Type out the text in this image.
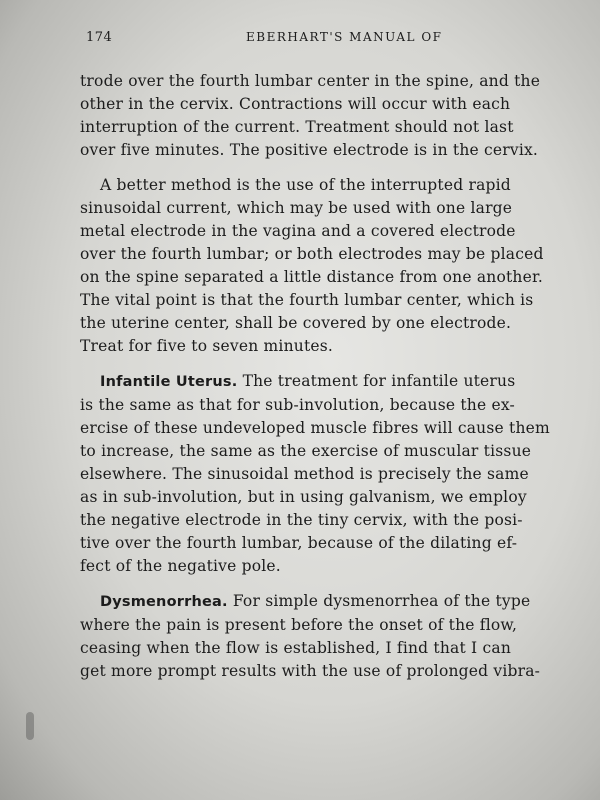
174	EBERHART'S MANUAL OF
trode over the fourth lumbar center in the spine, and the
other in the cervix. Contractions will occur with each
interruption of the current. Treatment should not last
over five minutes. The positive electrode is in the cervix.
A better method is the use of the interrupted rapid
sinusoidal current, which may be used with one large
metal electrode in the vagina and a covered electrode
over the fourth lumbar; or both electrodes may be placed
on the spine separated a little distance from one another.
The vital point is that the fourth lumbar center, which is
the uterine center, shall be covered by one electrode.
Treat for five to seven minutes.
Infantile Uterus. The treatment for infantile uterus
is the same as that for sub-involution, because the ex-
ercise of these undeveloped muscle fibres will cause them
to increase, the same as the exercise of muscular tissue
elsewhere. The sinusoidal method is precisely the same
as in sub-involution, but in using galvanism, we employ
the negative electrode in the tiny cervix, with the posi-
tive over the fourth lumbar, because of the dilating ef-
fect of the negative pole.
Dysmenorrhea. For simple dysmenorrhea of the type
where the pain is present before the onset of the flow,
ceasing when the flow is established, I find that I can
get more prompt results with the use of prolonged vibra-
